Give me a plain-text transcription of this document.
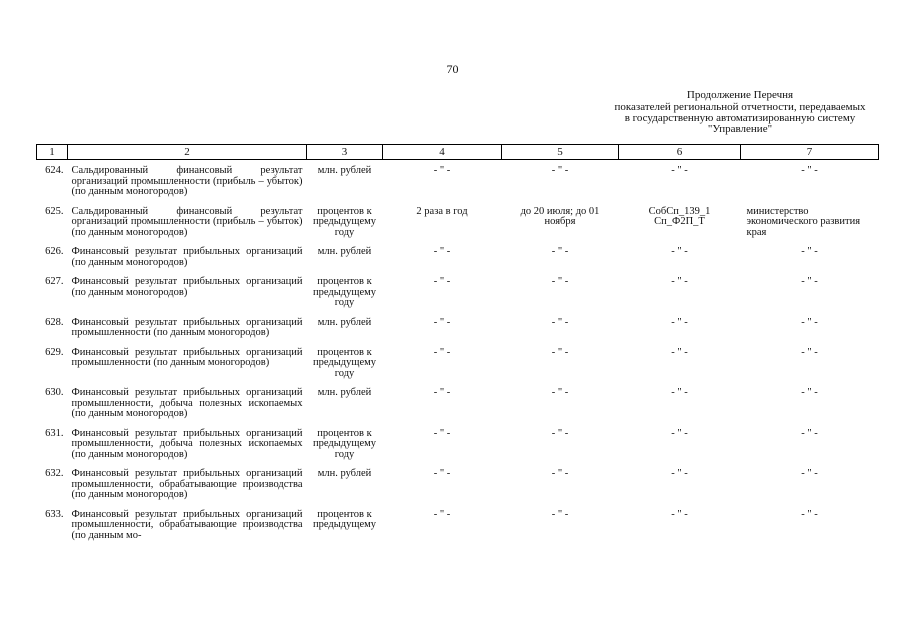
70
Продолжение Перечня
показателей региональной отчетности, передаваемых в государственную автоматизированную систему "Управление"
1	2	3	4	5	6	7
624.	Сальдированный финансовый результат организаций промышленности (прибыль – убыток) (по данным моногородов)	млн. рублей	- " -	- " -	- " -	- " -
625.	Сальдированный финансовый результат организаций промышленности (прибыль – убыток) (по данным моногородов)	процентов к предыдущему году	2 раза в год	до 20 июля; до 01 ноября	СобСп_139_1 Сп_Ф2П_Т	министерство экономического развития края
626.	Финансовый результат прибыльных организаций (по данным моногородов)	млн. рублей	- " -	- " -	- " -	- " -
627.	Финансовый результат прибыльных организаций (по данным моногородов)	процентов к предыдущему году	- " -	- " -	- " -	- " -
628.	Финансовый результат прибыльных организаций промышленности (по данным моногородов)	млн. рублей	- " -	- " -	- " -	- " -
629.	Финансовый результат прибыльных организаций промышленности (по данным моногородов)	процентов к предыдущему году	- " -	- " -	- " -	- " -
630.	Финансовый результат прибыльных организаций промышленности, добыча полезных ископаемых (по данным моногородов)	млн. рублей	- " -	- " -	- " -	- " -
631.	Финансовый результат прибыльных организаций промышленности, добыча полезных ископаемых (по данным моногородов)	процентов к предыдущему году	- " -	- " -	- " -	- " -
632.	Финансовый результат прибыльных организаций промышленности, обрабатывающие производства (по данным моногородов)	млн. рублей	- " -	- " -	- " -	- " -
633.	Финансовый результат прибыльных организаций промышленности, обрабатывающие производства (по данным мо-	процентов к предыдущему	- " -	- " -	- " -	- " -
